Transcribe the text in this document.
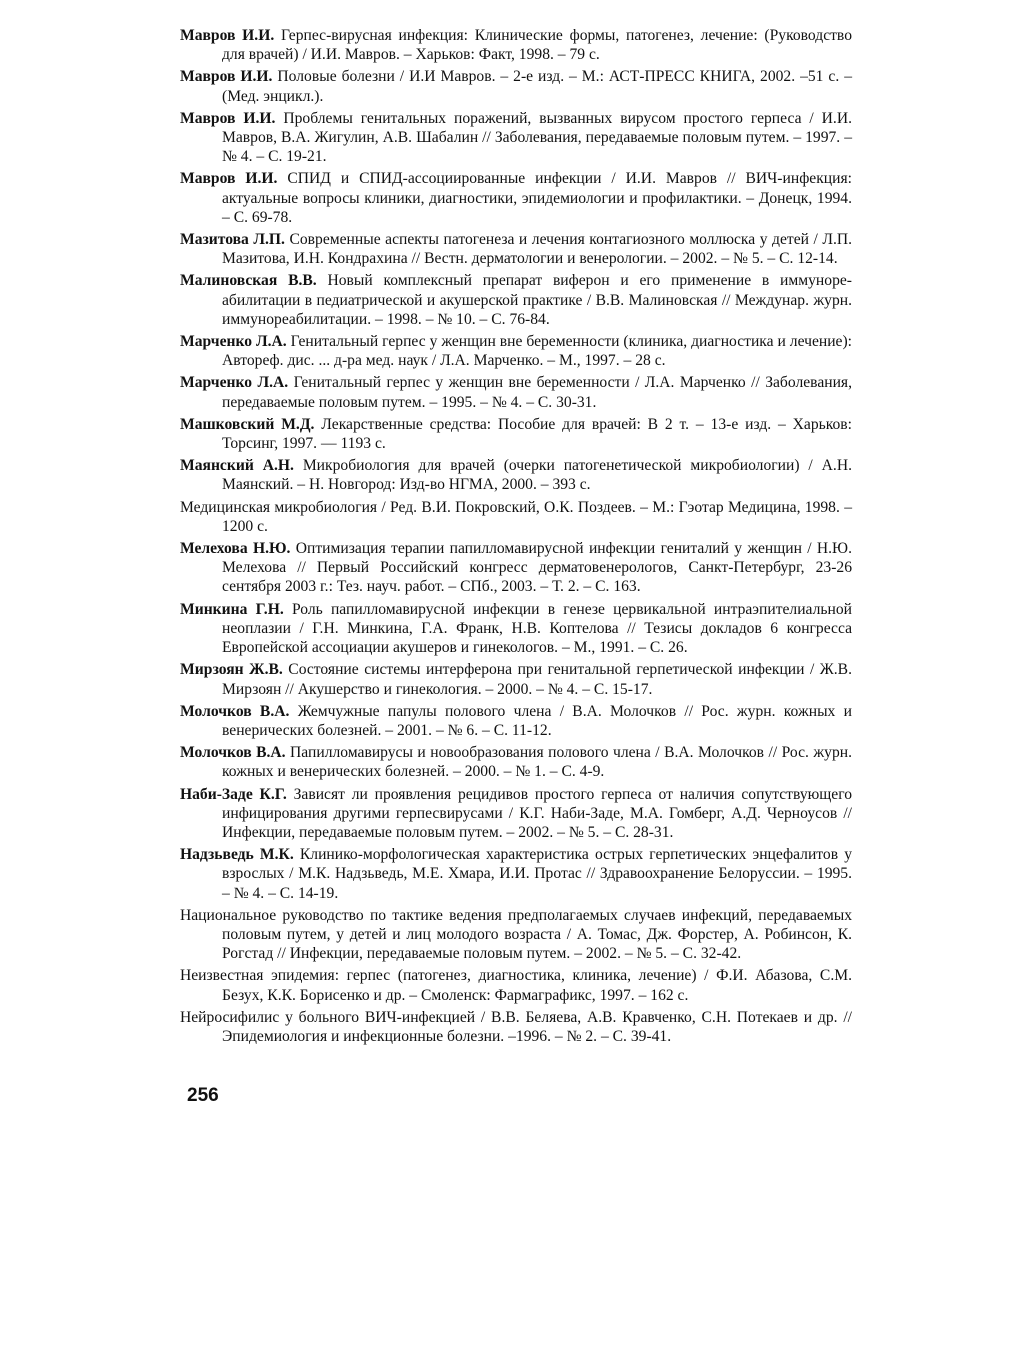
Мавров И.И. Герпес-вирусная инфекция: Клинические формы, патогенез, лечение: (Руководство для врачей) / И.И. Мавров. – Харьков: Факт, 1998. – 79 с.

Мавров И.И. Половые болезни / И.И Мавров. – 2-е изд. – М.: АСТ-ПРЕСС КНИГА, 2002. –51 с. – (Мед. энцикл.).

Мавров И.И. Проблемы генитальных поражений, вызванных вирусом простого герпеса / И.И. Мавров, В.А. Жигулин, А.В. Шабалин // Заболевания, передаваемые половым путем. – 1997. – № 4. – С. 19-21.

Мавров И.И. СПИД и СПИД-ассоциированные инфекции / И.И. Мавров // ВИЧ-инфекция: актуальные вопросы клиники, диагностики, эпидемиологии и профилактики. – Донецк, 1994. – С. 69-78.

Мазитова Л.П. Современные аспекты патогенеза и лечения контагиозного моллюска у детей / Л.П. Мазитова, И.Н. Кондрахина // Вестн. дерматологии и венерологии. – 2002. – № 5. – С. 12-14.

Малиновская В.В. Новый комплексный препарат виферон и его применение в иммунореабилитации в педиатрической и акушерской практике / В.В. Малиновская // Междунар. журн. иммунореабилитации. – 1998. – № 10. – С. 76-84.

Марченко Л.А. Генитальный герпес у женщин вне беременности (клиника, диагностика и лечение): Автореф. дис. ... д-ра мед. наук / Л.А. Марченко. – М., 1997. – 28 с.

Марченко Л.А. Генитальный герпес у женщин вне беременности / Л.А. Марченко // Заболевания, передаваемые половым путем. – 1995. – № 4. – С. 30-31.

Машковский М.Д. Лекарственные средства: Пособие для врачей: В 2 т. – 13-е изд. – Харьков: Торсинг, 1997. — 1193 с.

Маянский А.Н. Микробиология для врачей (очерки патогенетической микробиологии) / А.Н. Маянский. – Н. Новгород: Изд-во НГМА, 2000. – 393 с.

Медицинская микробиология / Ред. В.И. Покровский, О.К. Поздеев. – М.: Гэотар Медицина, 1998. – 1200 с.

Мелехова Н.Ю. Оптимизация терапии папилломавирусной инфекции гениталий у женщин / Н.Ю. Мелехова // Первый Российский конгресс дерматовенерологов, Санкт-Петербург, 23-26 сентября 2003 г.: Тез. науч. работ. – СПб., 2003. – Т. 2. – С. 163.

Минкина Г.Н. Роль папилломавирусной инфекции в генезе цервикальной интраэпителиальной неоплазии / Г.Н. Минкина, Г.А. Франк, Н.В. Коптелова // Тезисы докладов 6 конгресса Европейской ассоциации акушеров и гинекологов. – М., 1991. – С. 26.

Мирзоян Ж.В. Состояние системы интерферона при генитальной герпетической инфекции / Ж.В. Мирзоян // Акушерство и гинекология. – 2000. – № 4. – С. 15-17.

Молочков В.А. Жемчужные папулы полового члена / В.А. Молочков // Рос. журн. кожных и венерических болезней. – 2001. – № 6. – С. 11-12.

Молочков В.А. Папилломавирусы и новообразования полового члена / В.А. Молочков // Рос. журн. кожных и венерических болезней. – 2000. – № 1. – С. 4-9.

Наби-Заде К.Г. Зависят ли проявления рецидивов простого герпеса от наличия сопутствующего инфицирования другими герпесвирусами / К.Г. Наби-Заде, М.А. Гомберг, А.Д. Черноусов // Инфекции, передаваемые половым путем. – 2002. – № 5. – С. 28-31.

Надзьведь М.К. Клинико-морфологическая характеристика острых герпетических энцефалитов у взрослых / М.К. Надзьведь, М.Е. Хмара, И.И. Протас // Здравоохранение Белоруссии. – 1995. – № 4. – С. 14-19.

Национальное руководство по тактике ведения предполагаемых случаев инфекций, передаваемых половым путем, у детей и лиц молодого возраста / А. Томас, Дж. Форстер, А. Робинсон, К. Рогстад // Инфекции, передаваемые половым путем. – 2002. – № 5. – С. 32-42.

Неизвестная эпидемия: герпес (патогенез, диагностика, клиника, лечение) / Ф.И. Абазова, С.М. Безух, К.К. Борисенко и др. – Смоленск: Фармаграфикс, 1997. – 162 с.

Нейросифилис у больного ВИЧ-инфекцией / В.В. Беляева, А.В. Кравченко, С.Н. Потекаев и др. // Эпидемиология и инфекционные болезни. –1996. – № 2. – С. 39-41.

256
